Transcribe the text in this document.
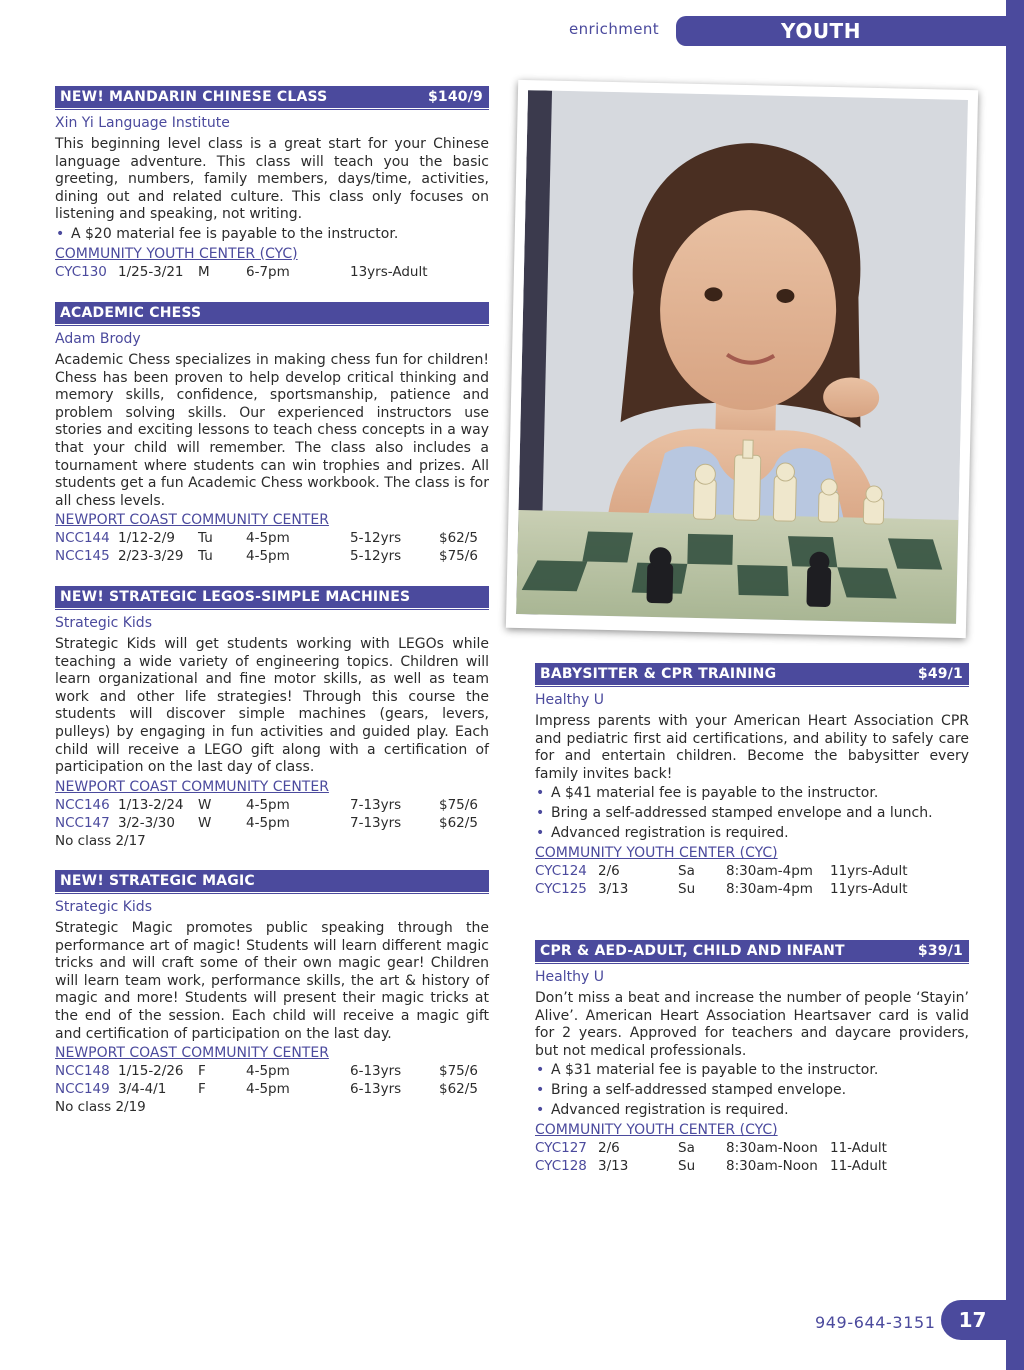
enrichment	YOUTH
NEW! MANDARIN CHINESE CLASS	$140/9
Xin Yi Language Institute
This beginning level class is a great start for your Chinese language adventure. This class will teach you the basic greeting, numbers, family members, days/time, activities, dining out and related culture. This class only focuses on listening and speaking, not writing.
• A $20 material fee is payable to the instructor.
COMMUNITY YOUTH CENTER (CYC)
CYC130 1/25-3/21 M	6-7pm	13yrs-Adult
ACADEMIC CHESS
Adam Brody
Academic Chess specializes in making chess fun for children! Chess has been proven to help develop critical thinking and memory skills, confidence, sportsmanship, patience and problem solving skills. Our experienced instructors use stories and exciting lessons to teach chess concepts in a way that your child will remember. The class also includes a tournament where students can win trophies and prizes. All students get a fun Academic Chess workbook. The class is for all chess levels.
NEWPORT COAST COMMUNITY CENTER
NCC144 1/12-2/9 Tu 4-5pm	5-12yrs	$62/5
NCC145 2/23-3/29 Tu 4-5pm	5-12yrs	$75/6
NEW! STRATEGIC LEGOS-SIMPLE MACHINES
Strategic Kids
Strategic Kids will get students working with LEGOs while teaching a wide variety of engineering topics. Children will learn organizational and fine motor skills, as well as team work and other life strategies! Through this course the students will discover simple machines (gears, levers, pulleys) by engaging in fun activities and guided play. Each child will receive a LEGO gift along with a certification of participation on the last day of class.
NEWPORT COAST COMMUNITY CENTER
NCC146 1/13-2/24 W	4-5pm	7-13yrs	$75/6
NCC147 3/2-3/30 W	4-5pm	7-13yrs	$62/5
No class 2/17
NEW! STRATEGIC MAGIC
Strategic Kids
Strategic Magic promotes public speaking through the performance art of magic! Students will learn different magic tricks and will craft some of their own magic gear! Children will learn team work, performance skills, the art & history of magic and more! Students will present their magic tricks at the end of the session. Each child will receive a magic gift and certification of participation on the last day.
NEWPORT COAST COMMUNITY CENTER
NCC148 1/15-2/26 F	4-5pm	6-13yrs	$75/6
NCC149 3/4-4/1 F	4-5pm	6-13yrs	$62/5
No class 2/19
BABYSITTER & CPR TRAINING	$49/1
Healthy U
Impress parents with your American Heart Association CPR and pediatric first aid certifications, and ability to safely care for and entertain children. Become the babysitter every family invites back!
• A $41 material fee is payable to the instructor.
• Bring a self-addressed stamped envelope and a lunch.
• Advanced registration is required.
COMMUNITY YOUTH CENTER (CYC)
CYC124 2/6	Sa 8:30am-4pm 11yrs-Adult
CYC125 3/13	Su 8:30am-4pm 11yrs-Adult
CPR & AED-ADULT, CHILD AND INFANT	$39/1
Healthy U
Don’t miss a beat and increase the number of people ‘Stayin’ Alive’. American Heart Association Heartsaver card is valid for 2 years. Approved for teachers and daycare providers, but not medical professionals.
• A $31 material fee is payable to the instructor.
• Bring a self-addressed stamped envelope.
• Advanced registration is required.
COMMUNITY YOUTH CENTER (CYC)
CYC127 2/6	Sa 8:30am-Noon 11-Adult
CYC128 3/13	Su 8:30am-Noon 11-Adult
949-644-3151 17
